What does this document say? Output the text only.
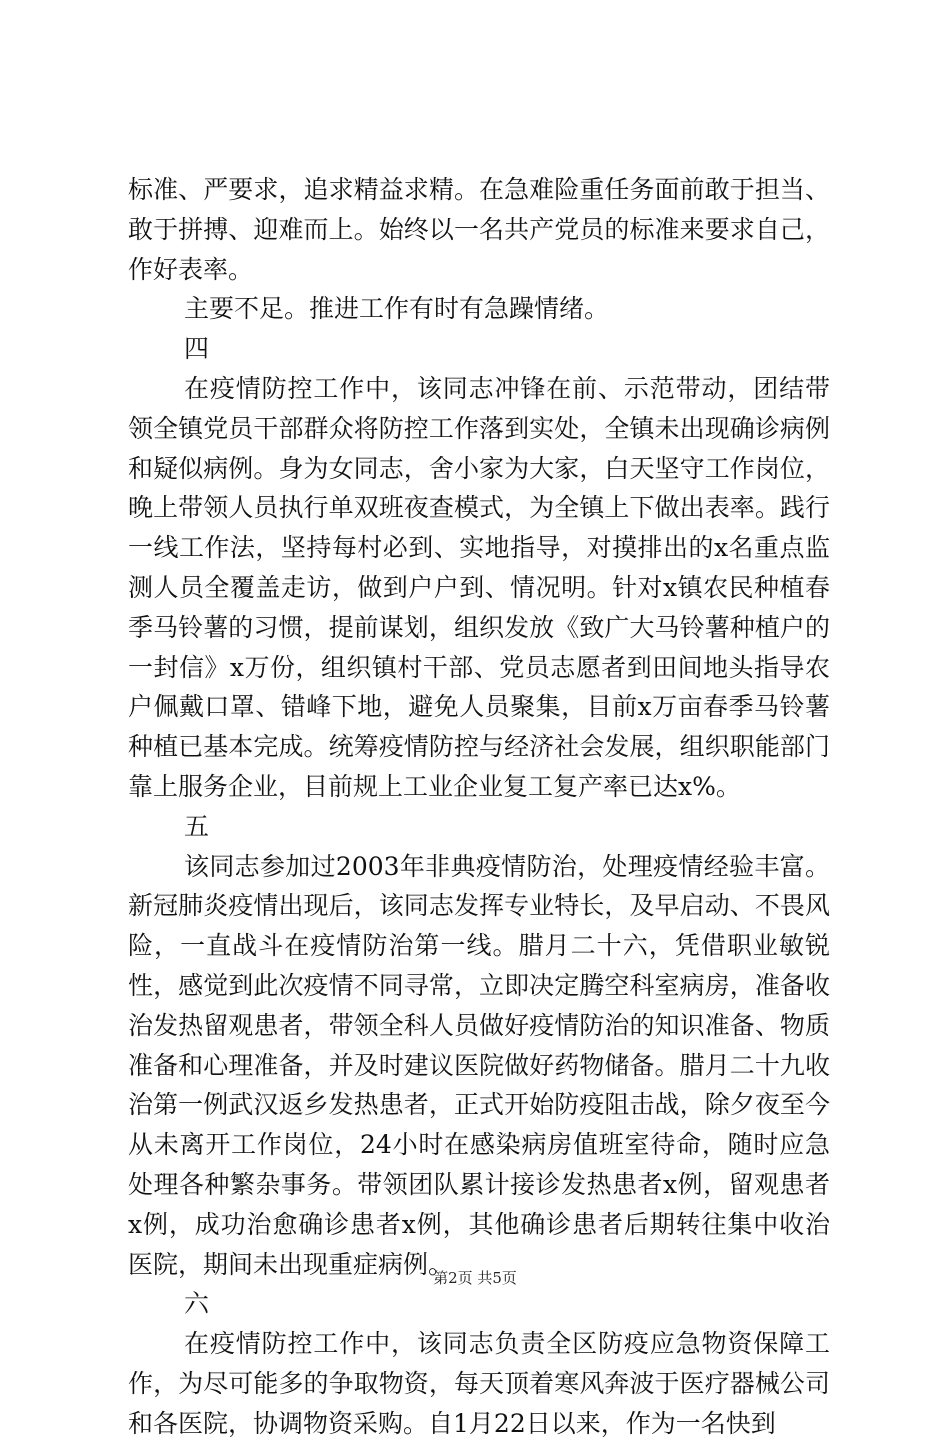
标准、严要求，追求精益求精。在急难险重任务面前敢于担当、敢于拼搏、迎难而上。始终以一名共产党员的标准来要求自己，作好表率。

主要不足。推进工作有时有急躁情绪。

四

在疫情防控工作中，该同志冲锋在前、示范带动，团结带领全镇党员干部群众将防控工作落到实处，全镇未出现确诊病例和疑似病例。身为女同志，舍小家为大家，白天坚守工作岗位，晚上带领人员执行单双班夜查模式，为全镇上下做出表率。践行一线工作法，坚持每村必到、实地指导，对摸排出的x名重点监测人员全覆盖走访，做到户户到、情况明。针对x镇农民种植春季马铃薯的习惯，提前谋划，组织发放《致广大马铃薯种植户的一封信》x万份，组织镇村干部、党员志愿者到田间地头指导农户佩戴口罩、错峰下地，避免人员聚集，目前x万亩春季马铃薯种植已基本完成。统筹疫情防控与经济社会发展，组织职能部门靠上服务企业，目前规上工业企业复工复产率已达x%。

五

该同志参加过2003年非典疫情防治，处理疫情经验丰富。新冠肺炎疫情出现后，该同志发挥专业特长，及早启动、不畏风险，一直战斗在疫情防治第一线。腊月二十六，凭借职业敏锐性，感觉到此次疫情不同寻常，立即决定腾空科室病房，准备收治发热留观患者，带领全科人员做好疫情防治的知识准备、物质准备和心理准备，并及时建议医院做好药物储备。腊月二十九收治第一例武汉返乡发热患者，正式开始防疫阻击战，除夕夜至今从未离开工作岗位，24小时在感染病房值班室待命，随时应急处理各种繁杂事务。带领团队累计接诊发热患者x例，留观患者x例，成功治愈确诊患者x例，其他确诊患者后期转往集中收治医院，期间未出现重症病例。

六

在疫情防控工作中，该同志负责全区防疫应急物资保障工作，为尽可能多的争取物资，每天顶着寒风奔波于医疗器械公司和各医院，协调物资采购。自1月22日以来，作为一名快到

第2页 共5页
